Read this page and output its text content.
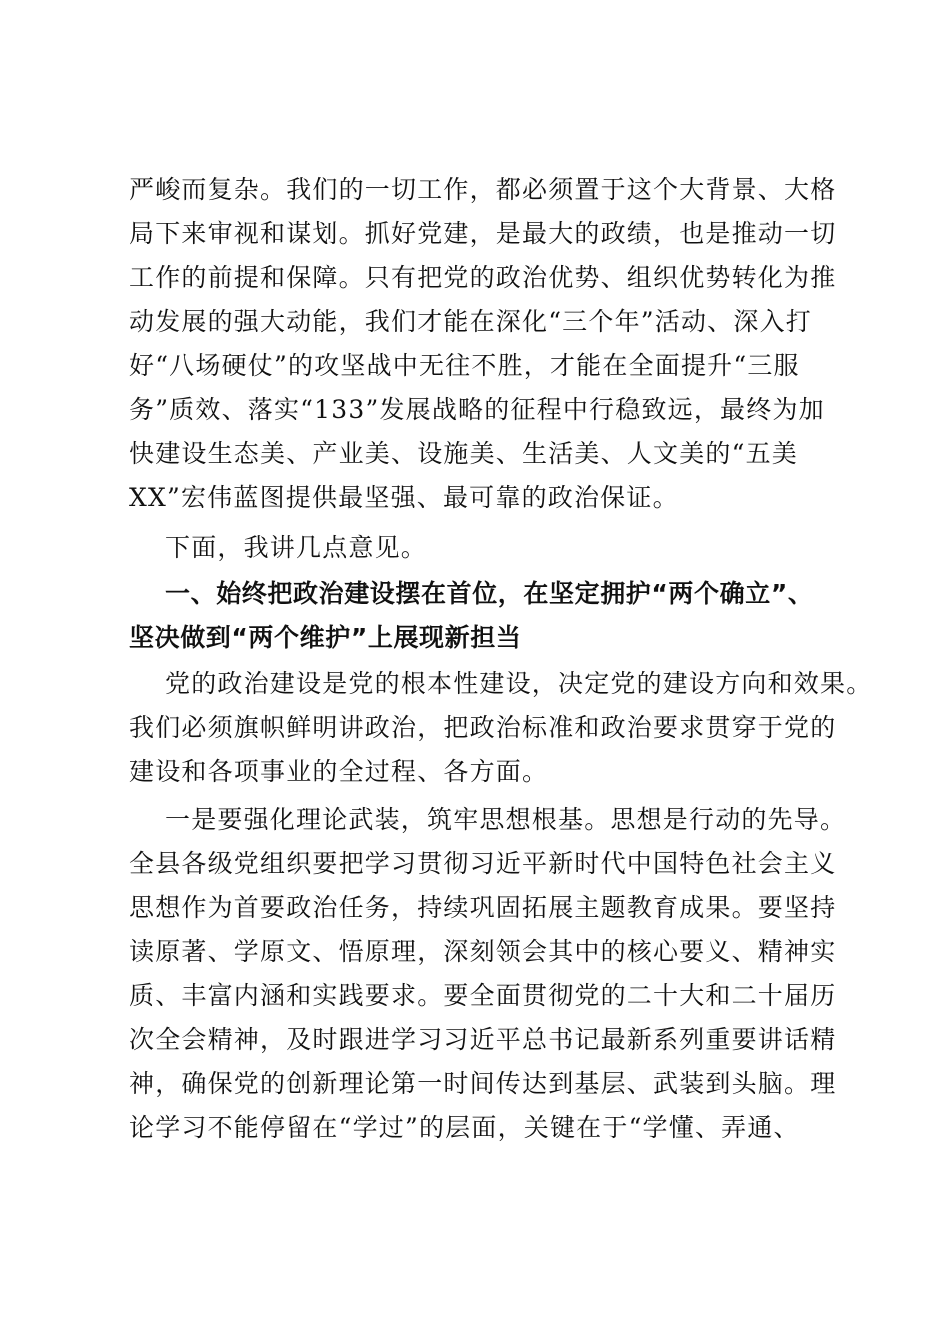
严峻而复杂。我们的一切工作，都必须置于这个大背景、大格
局下来审视和谋划。抓好党建，是最大的政绩，也是推动一切
工作的前提和保障。只有把党的政治优势、组织优势转化为推
动发展的强大动能，我们才能在深化“三个年”活动、深入打
好“八场硬仗”的攻坚战中无往不胜，才能在全面提升“三服
务”质效、落实“133”发展战略的征程中行稳致远，最终为加
快建设生态美、产业美、设施美、生活美、人文美的“五美
XX”宏伟蓝图提供最坚强、最可靠的政治保证。
下面，我讲几点意见。
一、始终把政治建设摆在首位，在坚定拥护“两个确立”、
坚决做到“两个维护”上展现新担当
党的政治建设是党的根本性建设，决定党的建设方向和效果。
我们必须旗帜鲜明讲政治，把政治标准和政治要求贯穿于党的
建设和各项事业的全过程、各方面。
一是要强化理论武装，筑牢思想根基。思想是行动的先导。
全县各级党组织要把学习贯彻习近平新时代中国特色社会主义
思想作为首要政治任务，持续巩固拓展主题教育成果。要坚持
读原著、学原文、悟原理，深刻领会其中的核心要义、精神实
质、丰富内涵和实践要求。要全面贯彻党的二十大和二十届历
次全会精神，及时跟进学习习近平总书记最新系列重要讲话精
神，确保党的创新理论第一时间传达到基层、武装到头脑。理
论学习不能停留在“学过”的层面，关键在于“学懂、弄通、
